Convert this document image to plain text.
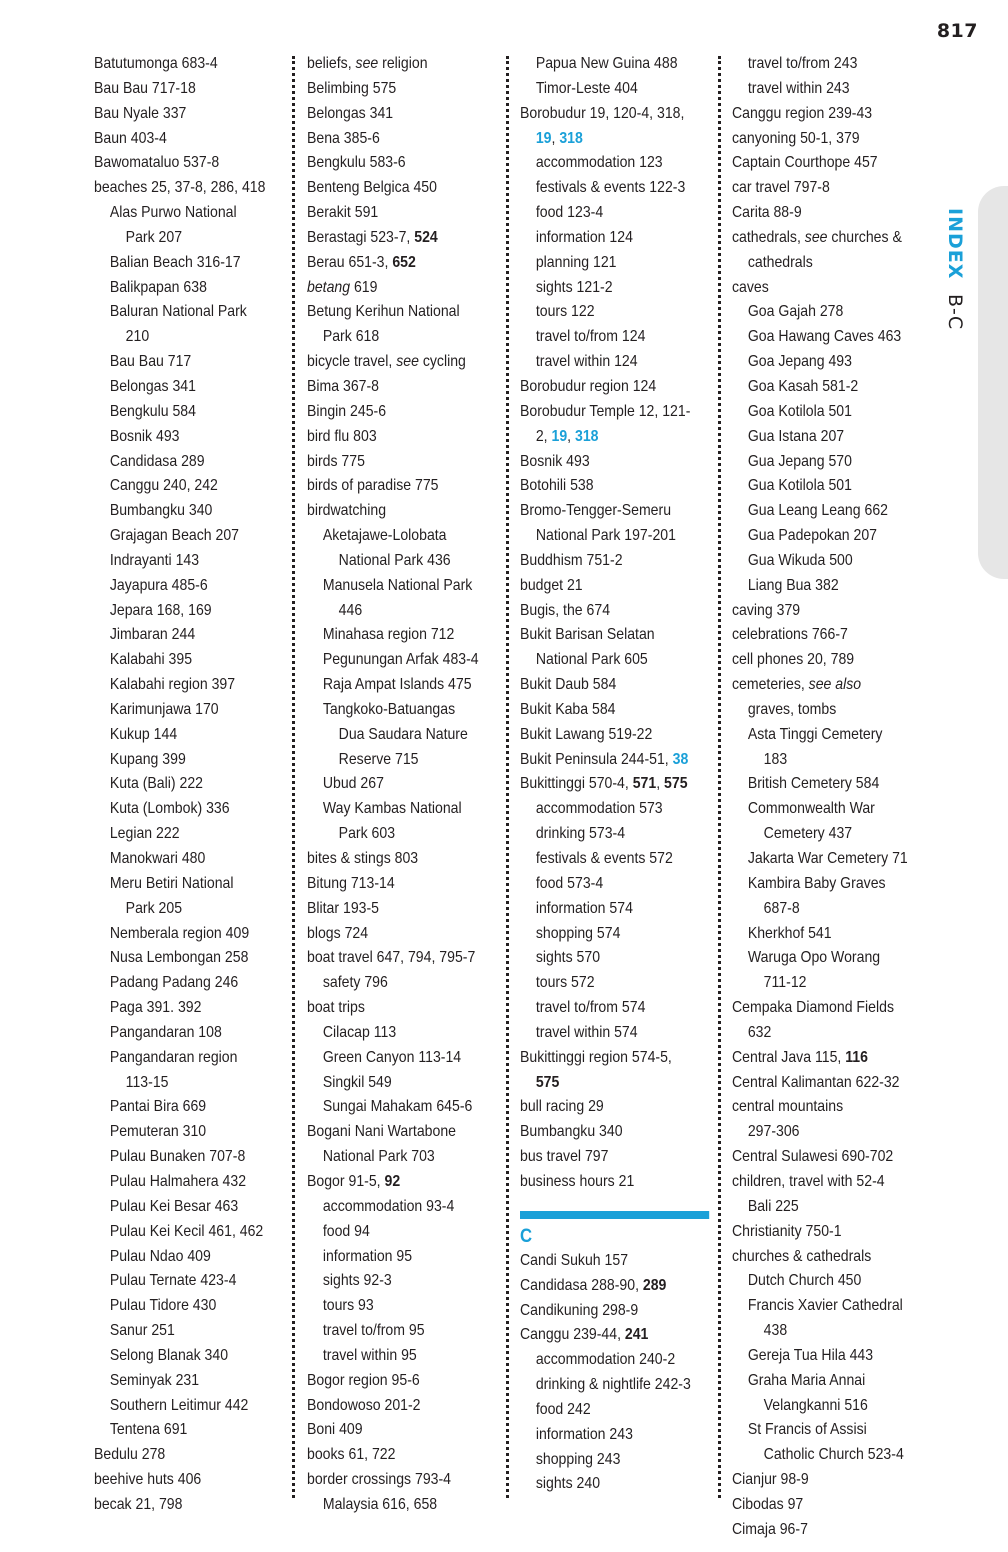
817
INDEX B-C
Batutumonga 683-4
Bau Bau 717-18
Bau Nyale 337
Baun 403-4
Bawomataluo 537-8
beaches 25, 37-8, 286, 418
Alas Purwo National
Park 207
Balian Beach 316-17
Balikpapan 638
Baluran National Park
210
Bau Bau 717
Belongas 341
Bengkulu 584
Bosnik 493
Candidasa 289
Canggu 240, 242
Bumbangku 340
Grajagan Beach 207
Indrayanti 143
Jayapura 485-6
Jepara 168, 169
Jimbaran 244
Kalabahi 395
Kalabahi region 397
Karimunjawa 170
Kukup 144
Kupang 399
Kuta (Bali) 222
Kuta (Lombok) 336
Legian 222
Manokwari 480
Meru Betiri National
Park 205
Nemberala region 409
Nusa Lembongan 258
Padang Padang 246
Paga 391. 392
Pangandaran 108
Pangandaran region
113-15
Pantai Bira 669
Pemuteran 310
Pulau Bunaken 707-8
Pulau Halmahera 432
Pulau Kei Besar 463
Pulau Kei Kecil 461, 462
Pulau Ndao 409
Pulau Ternate 423-4
Pulau Tidore 430
Sanur 251
Selong Blanak 340
Seminyak 231
Southern Leitimur 442
Tentena 691
Bedulu 278
beehive huts 406
becak 21, 798
beliefs, see religion
Belimbing 575
Belongas 341
Bena 385-6
Bengkulu 583-6
Benteng Belgica 450
Berakit 591
Berastagi 523-7, 524
Berau 651-3, 652
betang 619
Betung Kerihun National
Park 618
bicycle travel, see cycling
Bima 367-8
Bingin 245-6
bird flu 803
birds 775
birds of paradise 775
birdwatching
Aketajawe-Lolobata
National Park 436
Manusela National Park
446
Minahasa region 712
Pegunungan Arfak 483-4
Raja Ampat Islands 475
Tangkoko-Batuangas
Dua Saudara Nature
Reserve 715
Ubud 267
Way Kambas National
Park 603
bites & stings 803
Bitung 713-14
Blitar 193-5
blogs 724
boat travel 647, 794, 795-7
safety 796
boat trips
Cilacap 113
Green Canyon 113-14
Singkil 549
Sungai Mahakam 645-6
Bogani Nani Wartabone
National Park 703
Bogor 91-5, 92
accommodation 93-4
food 94
information 95
sights 92-3
tours 93
travel to/from 95
travel within 95
Bogor region 95-6
Bondowoso 201-2
Boni 409
books 61, 722
border crossings 793-4
Malaysia 616, 658
Papua New Guina 488
Timor-Leste 404
Borobudur 19, 120-4, 318,
19, 318
accommodation 123
festivals & events 122-3
food 123-4
information 124
planning 121
sights 121-2
tours 122
travel to/from 124
travel within 124
Borobudur region 124
Borobudur Temple 12, 121-
2, 19, 318
Bosnik 493
Botohili 538
Bromo-Tengger-Semeru
National Park 197-201
Buddhism 751-2
budget 21
Bugis, the 674
Bukit Barisan Selatan
National Park 605
Bukit Daub 584
Bukit Kaba 584
Bukit Lawang 519-22
Bukit Peninsula 244-51, 38
Bukittinggi 570-4, 571, 575
accommodation 573
drinking 573-4
festivals & events 572
food 573-4
information 574
shopping 574
sights 570
tours 572
travel to/from 574
travel within 574
Bukittinggi region 574-5,
575
bull racing 29
Bumbangku 340
bus travel 797
business hours 21
C
Candi Sukuh 157
Candidasa 288-90, 289
Candikuning 298-9
Canggu 239-44, 241
accommodation 240-2
drinking & nightlife 242-3
food 242
information 243
shopping 243
sights 240
travel to/from 243
travel within 243
Canggu region 239-43
canyoning 50-1, 379
Captain Courthope 457
car travel 797-8
Carita 88-9
cathedrals, see churches &
cathedrals
caves
Goa Gajah 278
Goa Hawang Caves 463
Goa Jepang 493
Goa Kasah 581-2
Goa Kotilola 501
Gua Istana 207
Gua Jepang 570
Gua Kotilola 501
Gua Leang Leang 662
Gua Padepokan 207
Gua Wikuda 500
Liang Bua 382
caving 379
celebrations 766-7
cell phones 20, 789
cemeteries, see also
graves, tombs
Asta Tinggi Cemetery
183
British Cemetery 584
Commonwealth War
Cemetery 437
Jakarta War Cemetery 71
Kambira Baby Graves
687-8
Kherkhof 541
Waruga Opo Worang
711-12
Cempaka Diamond Fields
632
Central Java 115, 116
Central Kalimantan 622-32
central mountains
297-306
Central Sulawesi 690-702
children, travel with 52-4
Bali 225
Christianity 750-1
churches & cathedrals
Dutch Church 450
Francis Xavier Cathedral
438
Gereja Tua Hila 443
Graha Maria Annai
Velangkanni 516
St Francis of Assisi
Catholic Church 523-4
Cianjur 98-9
Cibodas 97
Cimaja 96-7
